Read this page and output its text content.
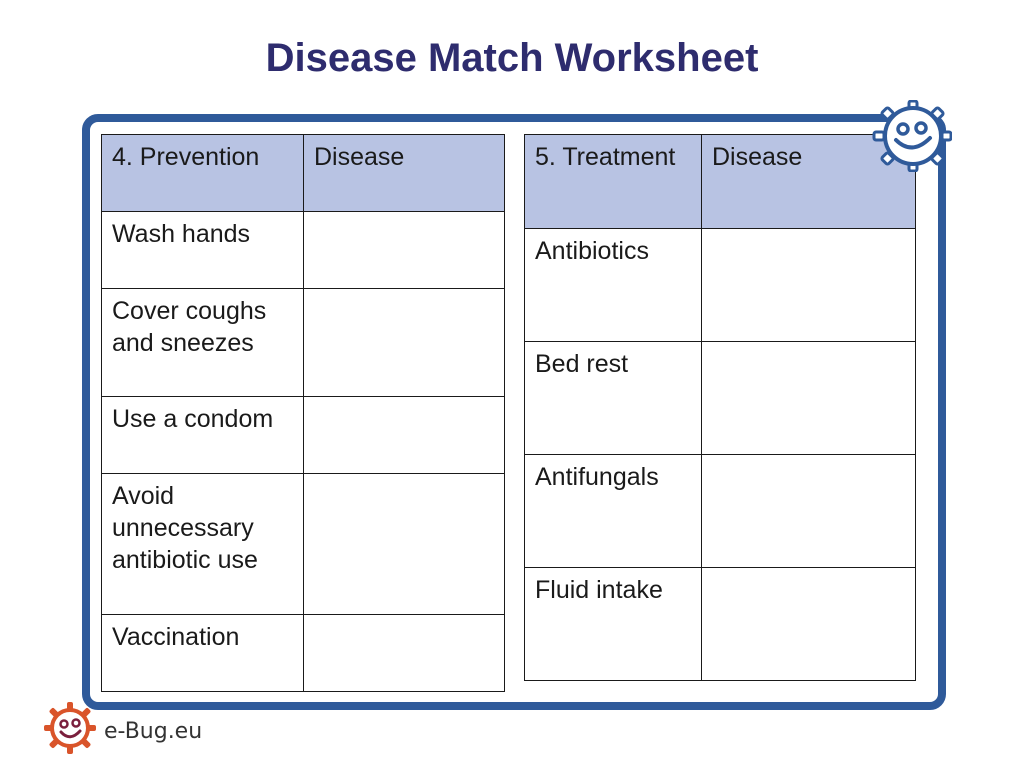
Disease Match Worksheet
4. Prevention	Disease
Wash hands	
Cover coughs and sneezes	
Use a condom	
Avoid unnecessary antibiotic use	
Vaccination	
5. Treatment	Disease
Antibiotics	
Bed rest	
Antifungals	
Fluid intake	
e-Bug.eu
